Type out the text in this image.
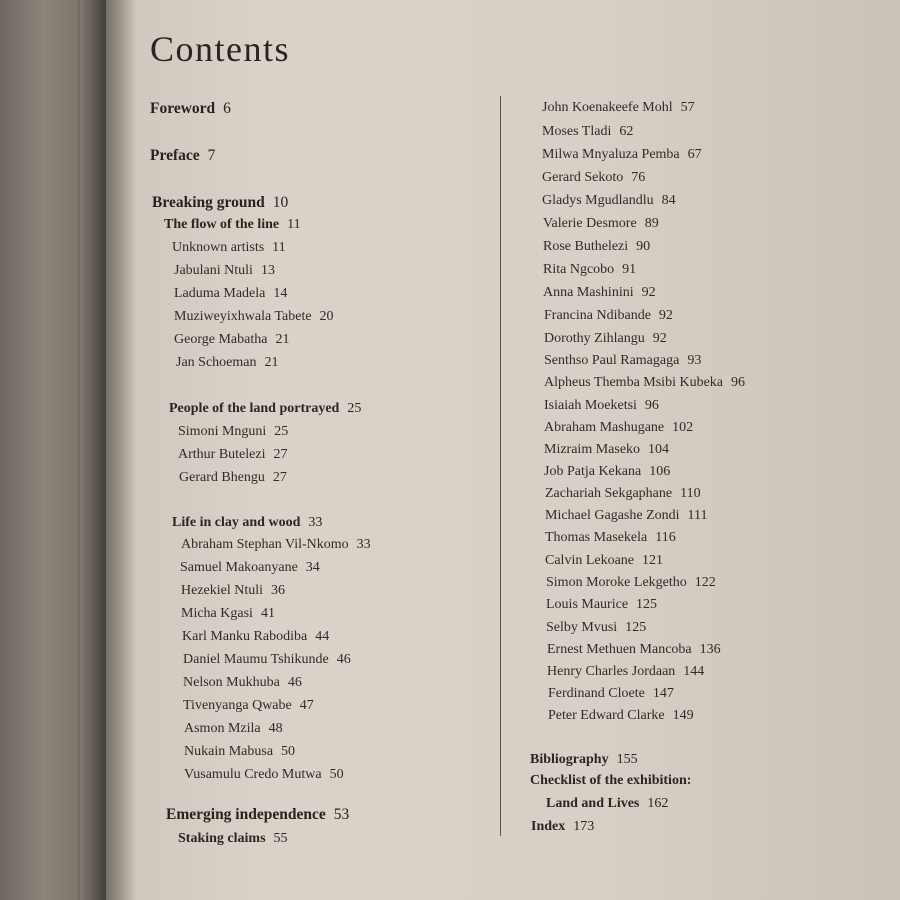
Contents
Foreword 6
Preface 7
Breaking ground 10
The flow of the line 11
Unknown artists 11
Jabulani Ntuli 13
Laduma Madela 14
Muziweyixhwala Tabete 20
George Mabatha 21
Jan Schoeman 21
People of the land portrayed 25
Simoni Mnguni 25
Arthur Butelezi 27
Gerard Bhengu 27
Life in clay and wood 33
Abraham Stephan Vil-Nkomo 33
Samuel Makoanyane 34
Hezekiel Ntuli 36
Micha Kgasi 41
Karl Manku Rabodiba 44
Daniel Maumu Tshikunde 46
Nelson Mukhuba 46
Tivenyanga Qwabe 47
Asmon Mzila 48
Nukain Mabusa 50
Vusamulu Credo Mutwa 50
Emerging independence 53
Staking claims 55
John Koenakeefe Mohl 57
Moses Tladi 62
Milwa Mnyaluza Pemba 67
Gerard Sekoto 76
Gladys Mgudlandlu 84
Valerie Desmore 89
Rose Buthelezi 90
Rita Ngcobo 91
Anna Mashinini 92
Francina Ndibande 92
Dorothy Zihlangu 92
Senthso Paul Ramagaga 93
Alpheus Themba Msibi Kubeka 96
Isiaiah Moeketsi 96
Abraham Mashugane 102
Mizraim Maseko 104
Job Patja Kekana 106
Zachariah Sekgaphane 110
Michael Gagashe Zondi 111
Thomas Masekela 116
Calvin Lekoane 121
Simon Moroke Lekgetho 122
Louis Maurice 125
Selby Mvusi 125
Ernest Methuen Mancoba 136
Henry Charles Jordaan 144
Ferdinand Cloete 147
Peter Edward Clarke 149
Bibliography 155
Checklist of the exhibition:
Land and Lives 162
Index 173
